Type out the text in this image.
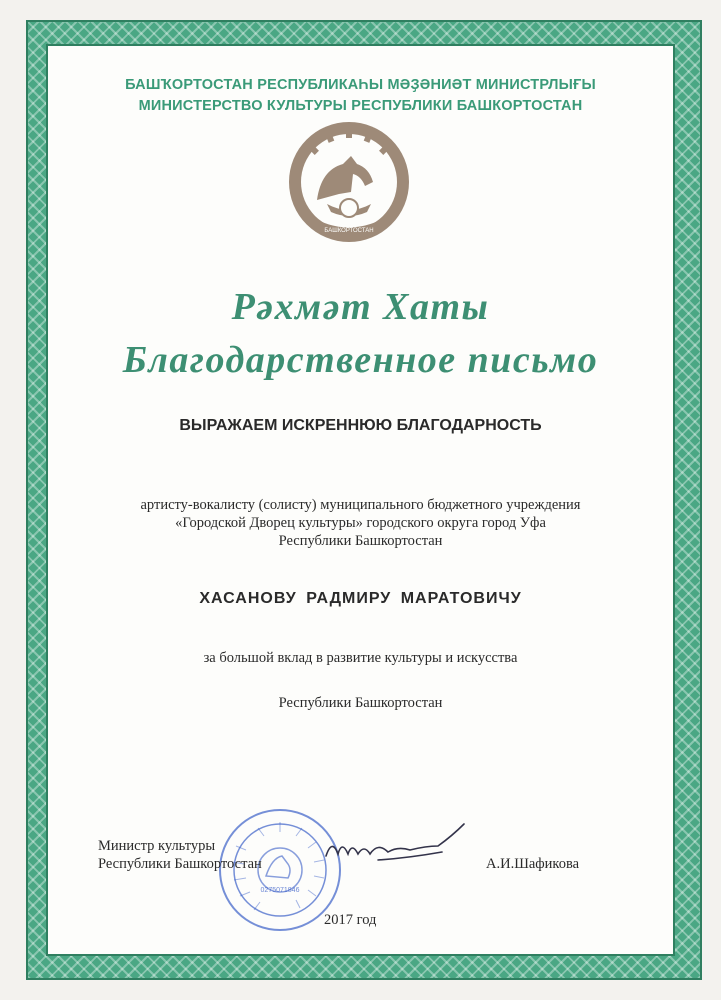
БАШҠОРТОСТАН РЕСПУБЛИКАҺЫ МӘҘӘНИӘТ МИНИСТРЛЫҒЫ
МИНИСТЕРСТВО КУЛЬТУРЫ РЕСПУБЛИКИ БАШКОРТОСТАН
БАШКОРТОСТАН
Рәхмәт Хаты
Благодарственное письмо
ВЫРАЖАЕМ ИСКРЕННЮЮ БЛАГОДАРНОСТЬ
артисту-вокалисту (солисту) муниципального бюджетного учреждения
«Городской Дворец культуры» городского округа город Уфа
Республики Башкортостан
ХАСАНОВУ РАДМИРУ МАРАТОВИЧУ
за большой вклад в развитие культуры и искусства
Республики Башкортостан
0275071846
Министр культуры
Республики Башкортостан	А.И.Шафикова
2017 год
